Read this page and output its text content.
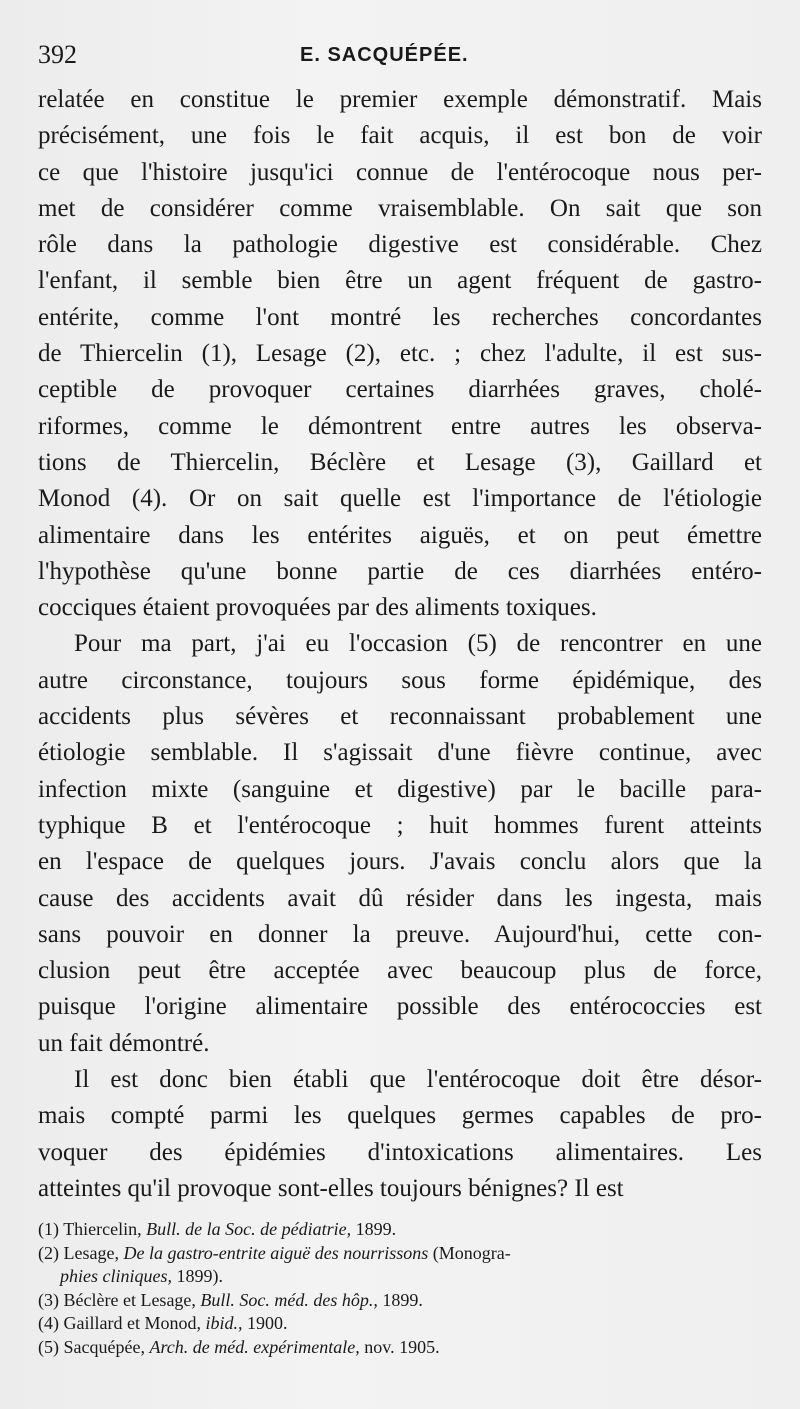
392	E. SACQUÉPÉE.
relatée en constitue le premier exemple démonstratif. Mais
précisément, une fois le fait acquis, il est bon de voir
ce que l'histoire jusqu'ici connue de l'entérocoque nous per-
met de considérer comme vraisemblable. On sait que son
rôle dans la pathologie digestive est considérable. Chez
l'enfant, il semble bien être un agent fréquent de gastro-
entérite, comme l'ont montré les recherches concordantes
de Thiercelin (1), Lesage (2), etc. ; chez l'adulte, il est sus-
ceptible de provoquer certaines diarrhées graves, cholé-
riformes, comme le démontrent entre autres les observa-
tions de Thiercelin, Béclère et Lesage (3), Gaillard et
Monod (4). Or on sait quelle est l'importance de l'étiologie
alimentaire dans les entérites aiguës, et on peut émettre
l'hypothèse qu'une bonne partie de ces diarrhées entéro-
cocciques étaient provoquées par des aliments toxiques.
Pour ma part, j'ai eu l'occasion (5) de rencontrer en une
autre circonstance, toujours sous forme épidémique, des
accidents plus sévères et reconnaissant probablement une
étiologie semblable. Il s'agissait d'une fièvre continue, avec
infection mixte (sanguine et digestive) par le bacille para-
typhique B et l'entérocoque ; huit hommes furent atteints
en l'espace de quelques jours. J'avais conclu alors que la
cause des accidents avait dû résider dans les ingesta, mais
sans pouvoir en donner la preuve. Aujourd'hui, cette con-
clusion peut être acceptée avec beaucoup plus de force,
puisque l'origine alimentaire possible des entérococcies est
un fait démontré.
Il est donc bien établi que l'entérocoque doit être désor-
mais compté parmi les quelques germes capables de pro-
voquer des épidémies d'intoxications alimentaires. Les
atteintes qu'il provoque sont-elles toujours bénignes? Il est
(1) Thiercelin, Bull. de la Soc. de pédiatrie, 1899.
(2) Lesage, De la gastro-entrite aiguë des nourrissons (Monogra-
phies cliniques, 1899).
(3) Béclère et Lesage, Bull. Soc. méd. des hôp., 1899.
(4) Gaillard et Monod, ibid., 1900.
(5) Sacquépée, Arch. de méd. expérimentale, nov. 1905.
